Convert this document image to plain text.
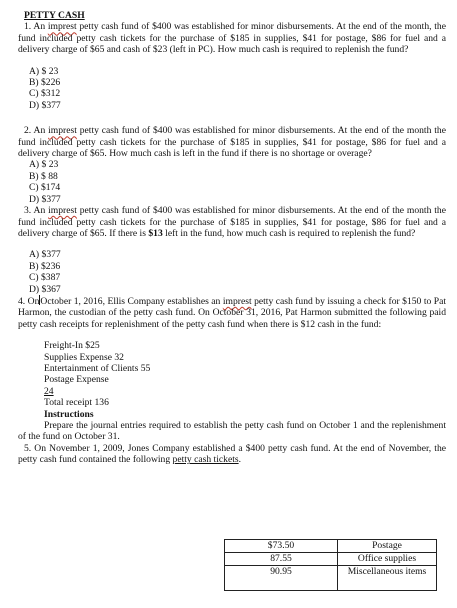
PETTY CASH

1. An imprest petty cash fund of $400 was established for minor disbursements. At the end of the month, the fund included petty cash tickets for the purchase of $185 in supplies, $41 for postage, $86 for fuel and a delivery charge of $65 and cash of $23 (left in PC). How much cash is required to replenish the fund?

A) $ 23
B) $226
C) $312
D) $377

2. An imprest petty cash fund of $400 was established for minor disbursements. At the end of the month the fund included petty cash tickets for the purchase of $185 in supplies, $41 for postage, $86 for fuel and a delivery charge of $65. How much cash is left in the fund if there is no shortage or overage?

A) $ 23
B) $ 88
C) $174
D) $377

3. An imprest petty cash fund of $400 was established for minor disbursements. At the end of the month the fund included petty cash tickets for the purchase of $185 in supplies, $41 for postage, $86 for fuel and a delivery charge of $65. If there is $13 left in the fund, how much cash is required to replenish the fund?

A) $377
B) $236
C) $387
D) $367

4. OnOctober 1, 2016, Ellis Company establishes an imprest petty cash fund by issuing a check for $150 to Pat Harmon, the custodian of the petty cash fund. On October 31, 2016, Pat Harmon submitted the following paid petty cash receipts for replenishment of the petty cash fund when there is $12 cash in the fund:

Freight-In $25
Supplies Expense 32
Entertainment of Clients 55
Postage Expense
24
Total receipt 136
Instructions

Prepare the journal entries required to establish the petty cash fund on October 1 and the replenishment of the fund on October 31.

5. On November 1, 2009, Jones Company established a $400 petty cash fund. At the end of November, the petty cash fund contained the following petty cash tickets.

$73.50	Postage
87.55	Office supplies
90.95	Miscellaneous items
